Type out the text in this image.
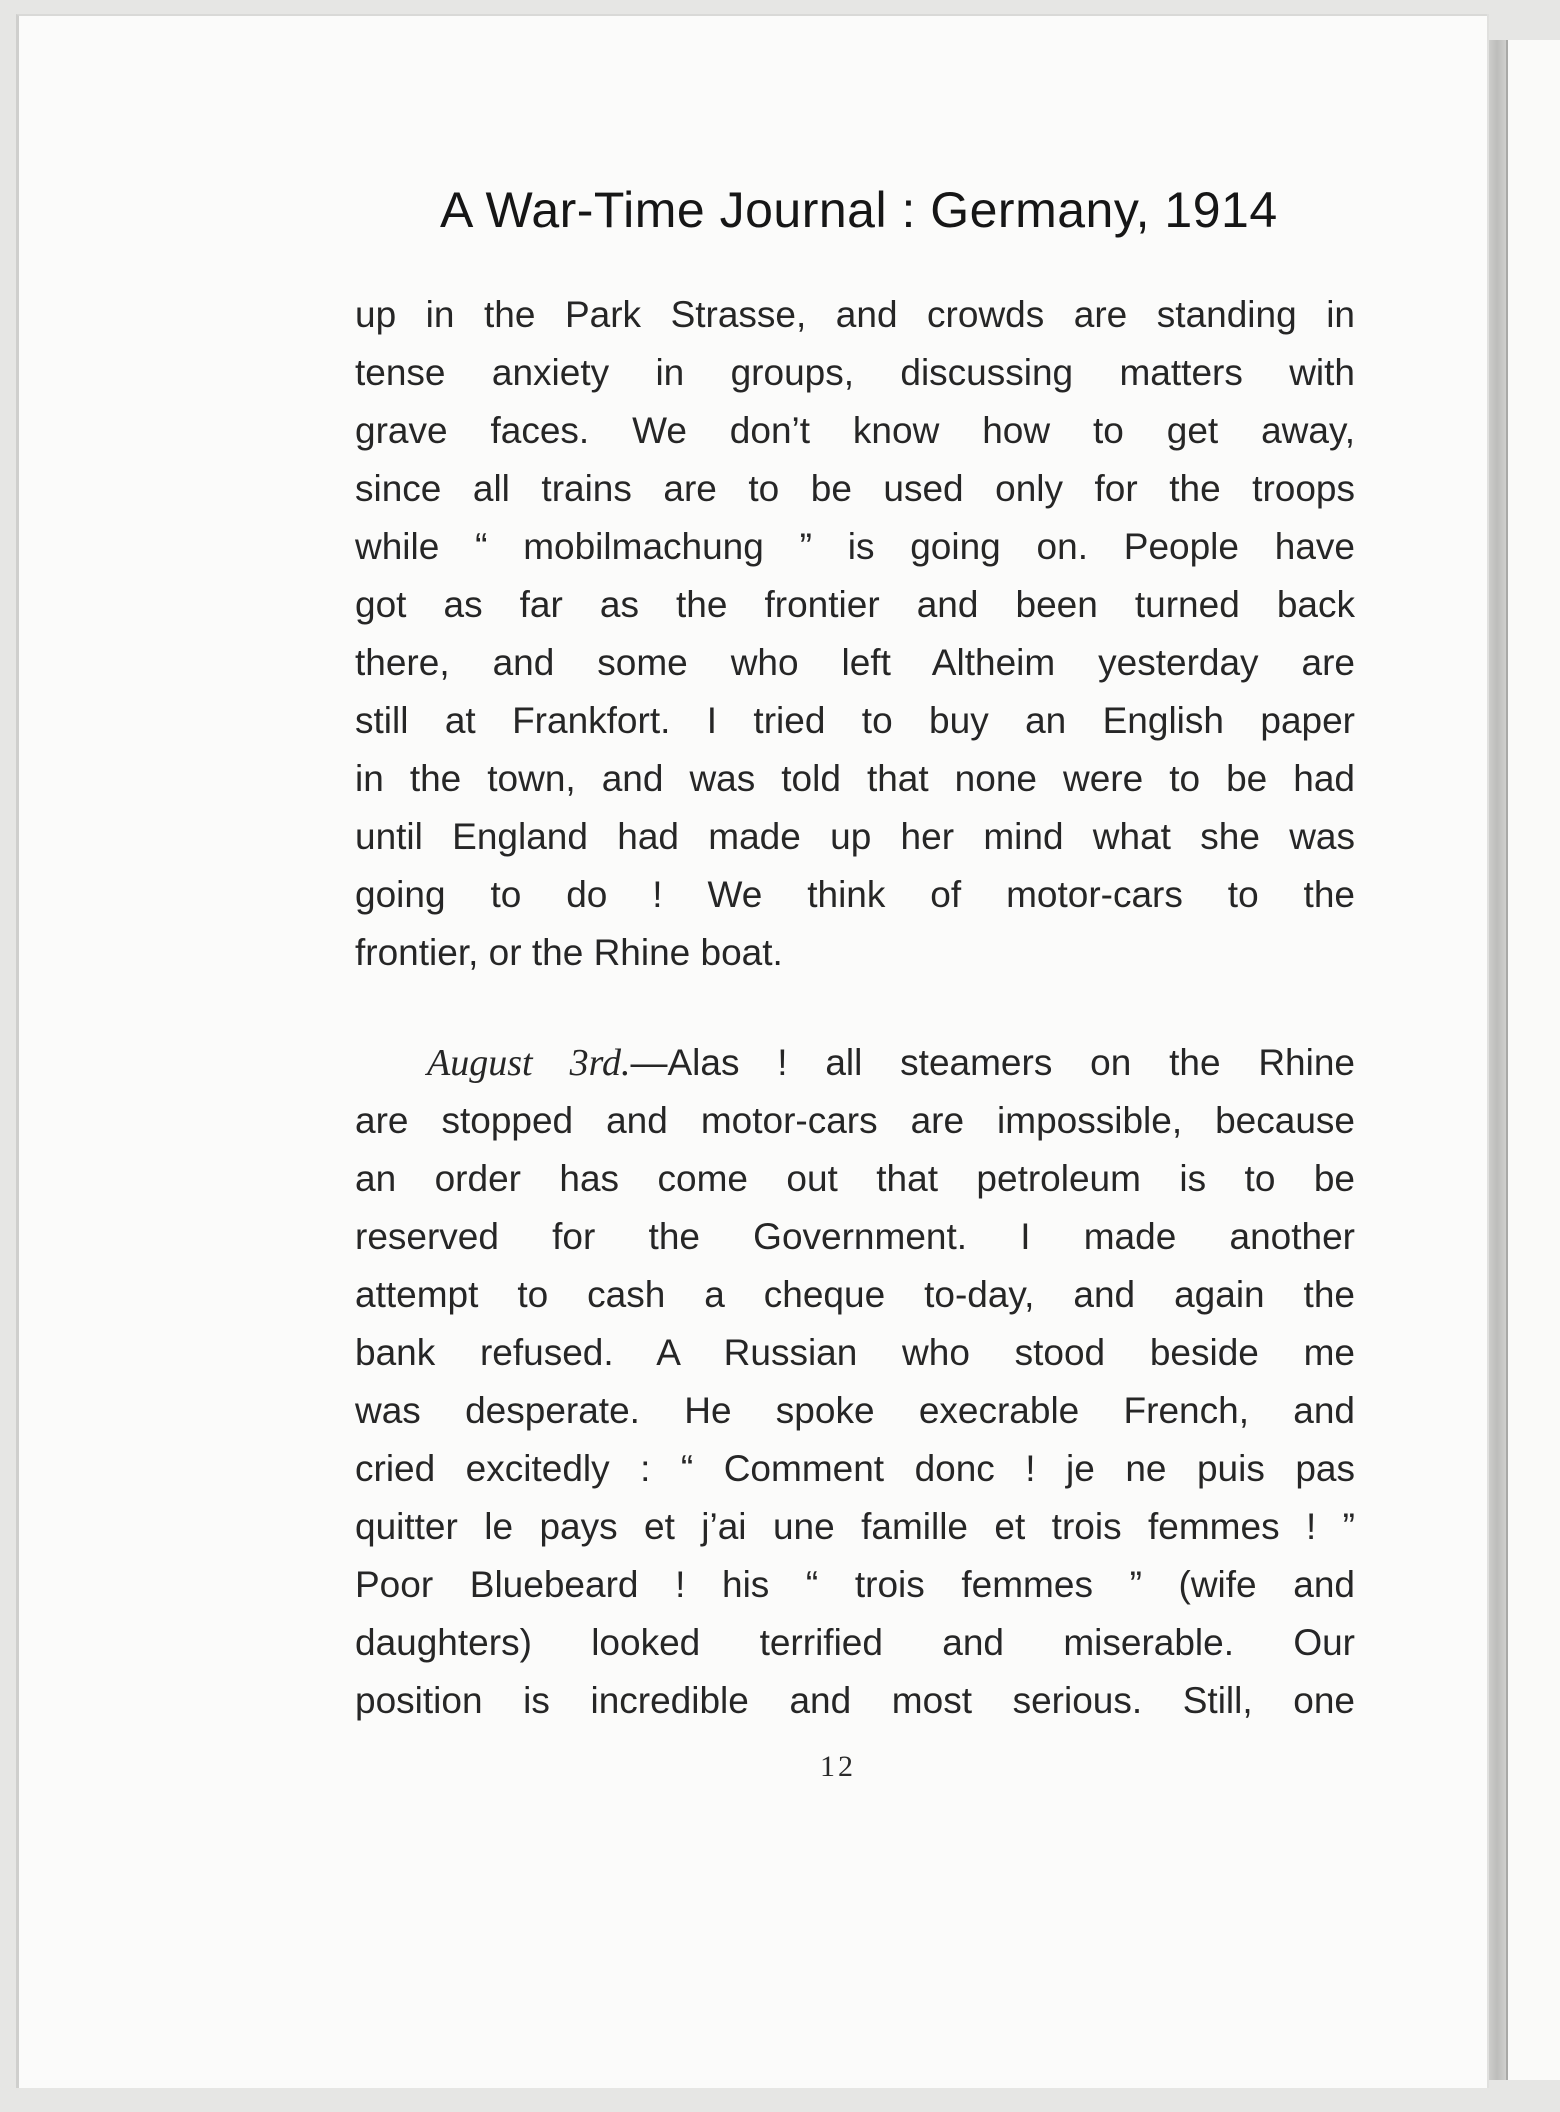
A War-Time Journal : Germany, 1914
up in the Park Strasse, and crowds are standing in
tense anxiety in groups, discussing matters with
grave faces. We don’t know how to get away,
since all trains are to be used only for the troops
while “ mobilmachung ” is going on. People have
got as far as the frontier and been turned back
there, and some who left Altheim yesterday are
still at Frankfort. I tried to buy an English paper
in the town, and was told that none were to be had
until England had made up her mind what she was
going to do ! We think of motor-cars to the
frontier, or the Rhine boat.
August 3rd.—Alas ! all steamers on the Rhine
are stopped and motor-cars are impossible, because
an order has come out that petroleum is to be
reserved for the Government. I made another
attempt to cash a cheque to-day, and again the
bank refused. A Russian who stood beside me
was desperate. He spoke execrable French, and
cried excitedly : “ Comment donc ! je ne puis pas
quitter le pays et j’ai une famille et trois femmes ! ”
Poor Bluebeard ! his “ trois femmes ” (wife and
daughters) looked terrified and miserable. Our
position is incredible and most serious. Still, one
12
